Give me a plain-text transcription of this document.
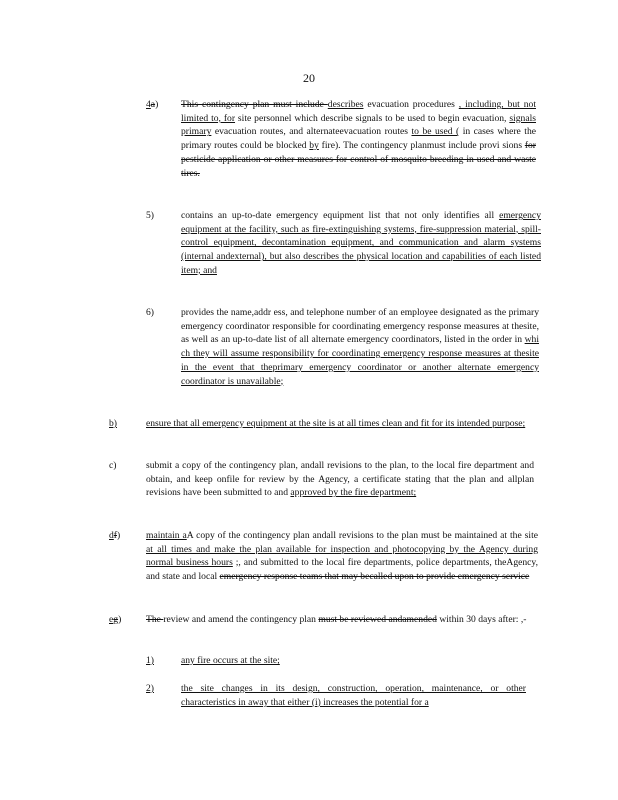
20
4a) This contingency plan must include describes evacuation procedures , including, but not limited to, for site personnel which describe signals to be used to begin evacuation, signals primary evacuation routes, and alternateevacuation routes to be used ( in cases where the primary routes could be blocked by fire). The contingency planmust include provi sions for pesticide application or other measures for control of mosquito breeding in used and waste tires.
5)	contains an up-to-date emergency equipment list that not only identifies all emergency equipment at the facility, such as fire-extinguishing systems, fire-suppression material, spill-control equipment, decontamination equipment, and communication and alarm systems (internal andexternal), but also describes the physical location and capabilities of each listed item; and
6)	provides the name,addr ess, and telephone number of an employee designated as the primary emergency coordinator responsible for coordinating emergency response measures at thesite, as well as an up-to-date list of all alternate emergency coordinators, listed in the order in whi ch they will assume responsibility for coordinating emergency response measures at thesite in the event that theprimary emergency coordinator or another alternate emergency coordinator is unavailable;
b)	ensure that all emergency equipment at the site is at all times clean and fit for its intended purpose;
c)	submit a copy of the contingency plan, andall revisions to the plan, to the local fire department and obtain, and keep onfile for review by the Agency, a certificate stating that the plan and allplan revisions have been submitted to and approved by the fire department;
df)	maintain aA copy of the contingency plan andall revisions to the plan must be maintained at the site at all times and make the plan available for inspection and photocopying by the Agency during normal business hours ;, and submitted to the local fire departments, police departments, theAgency, and state and local emergency response teams that may becalled upon to provide emergency service
eg)	The review and amend the contingency plan must be reviewed andamended within 30 days after: ,-
1)	any fire occurs at the site;
2)	the site changes in its design, construction, operation, maintenance, or other characteristics in away that either (i) increases the potential for a
